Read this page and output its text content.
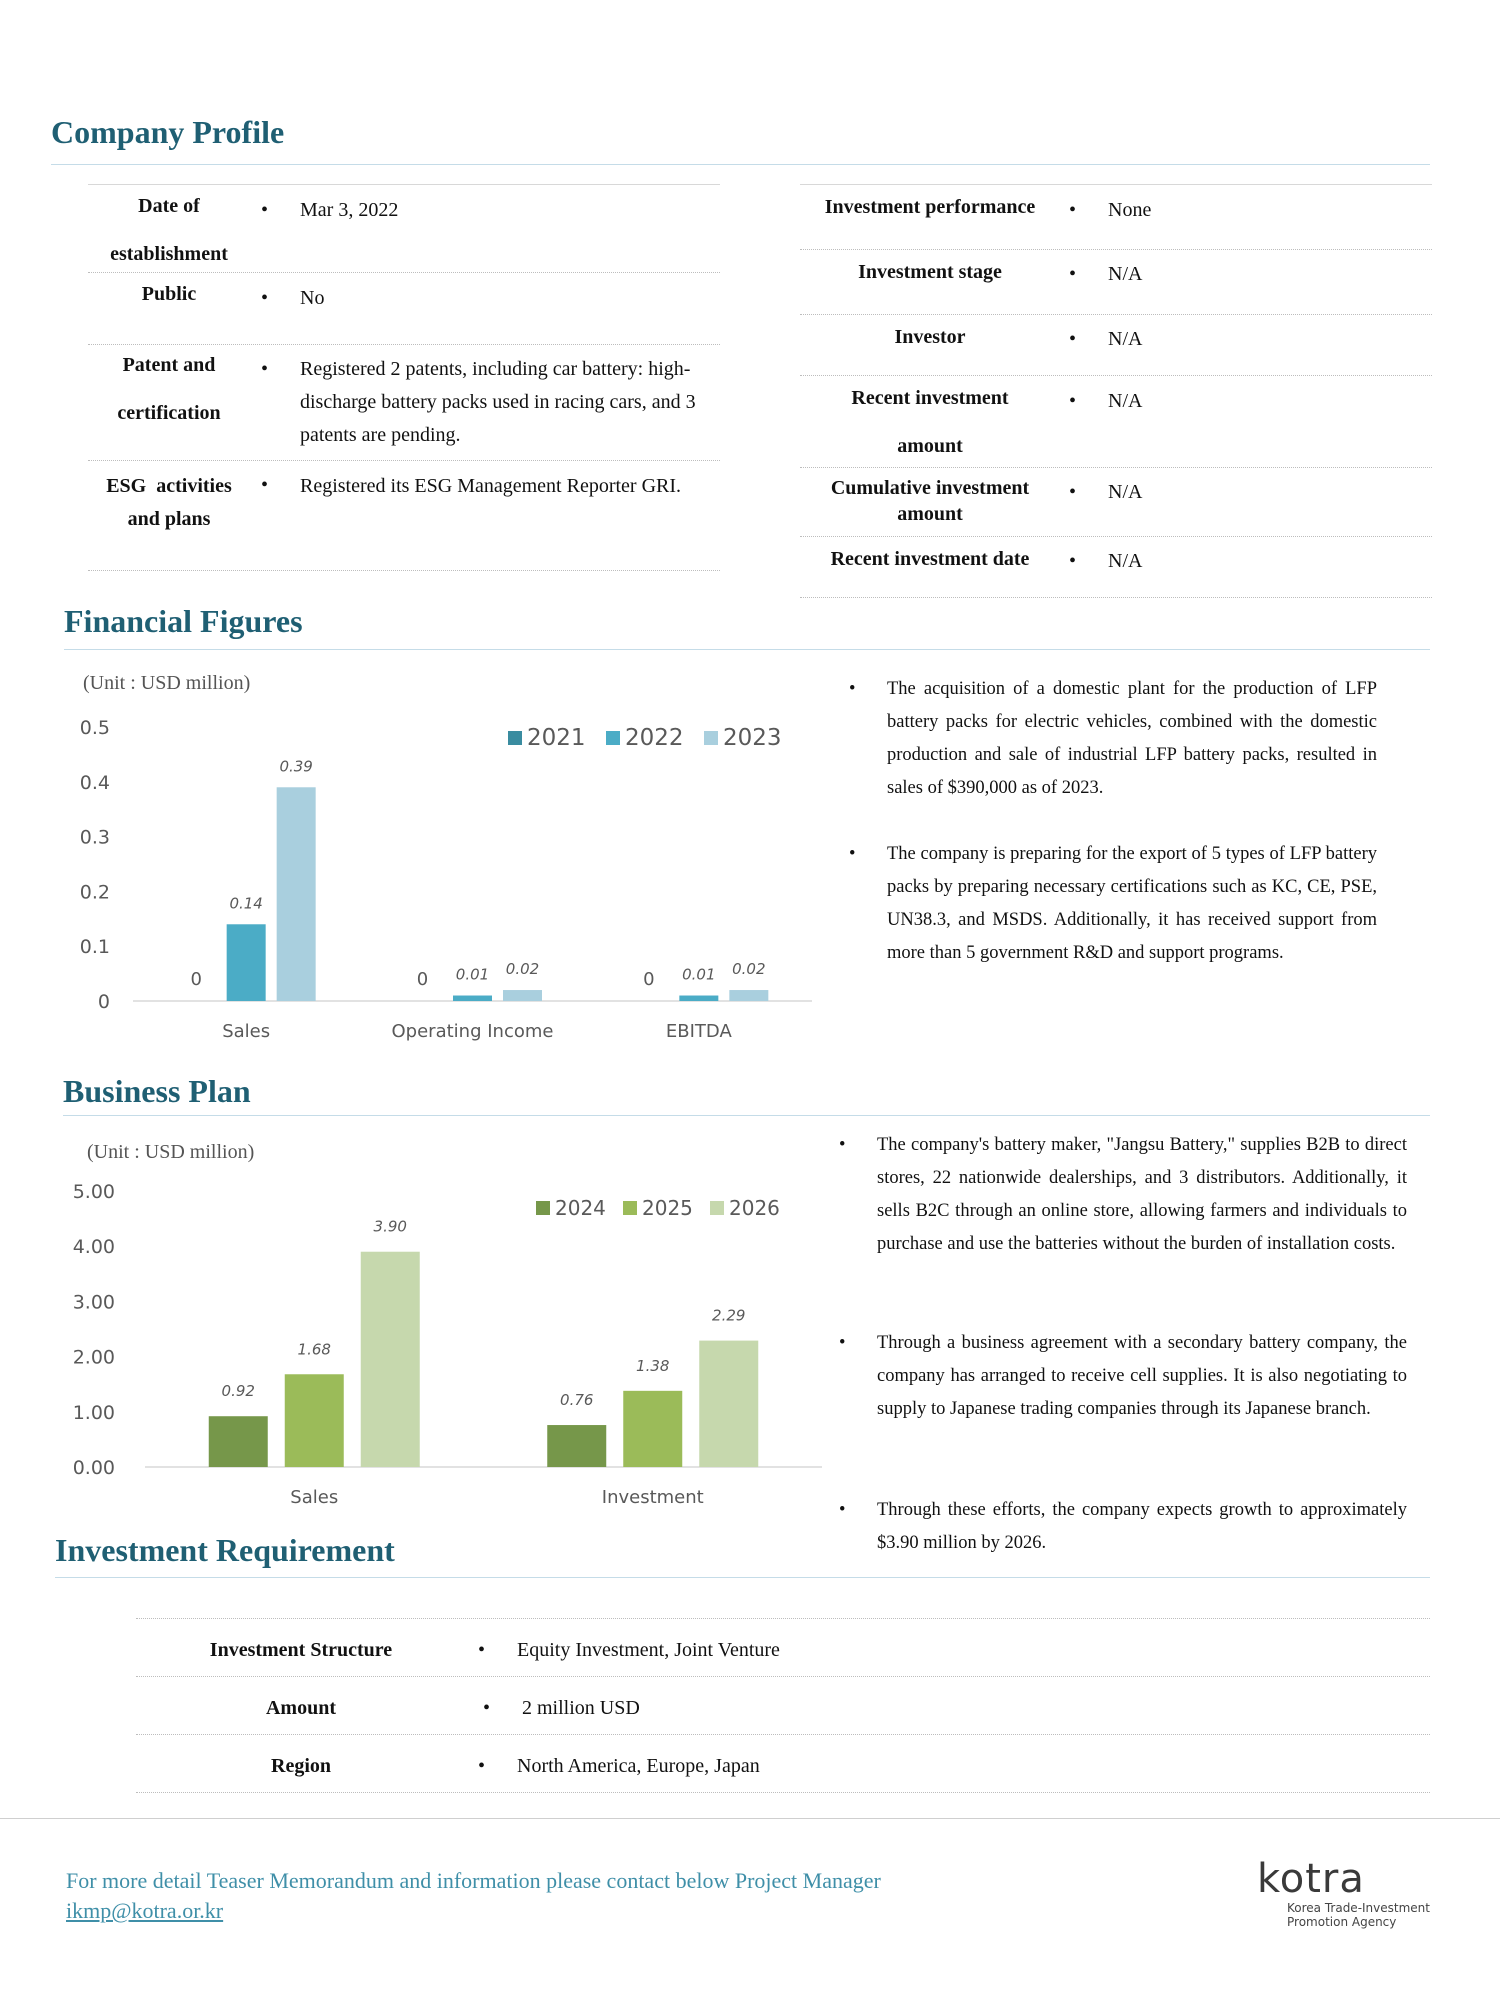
Company Profile
Date of
establishment
• Mar 3, 2022
Public	• No
Patent and
certification
• Registered 2 patents, including car battery: high-discharge battery packs used in racing cars, and 3 patents are pending.
ESG  activities
and plans
• Registered its ESG Management Reporter GRI.
Investment performance	• None
Investment stage	• N/A
Investor	• N/A
Recent investment
amount
• N/A
Cumulative investment
amount
• N/A
Recent investment date	• N/A
Financial Figures
(Unit : USD million)
0
0.1
0.2
0.3
0.4
0.5
0
0.14
0.39
Sales
0 0.01 0.02
Operating Income
0 0.01 0.02
EBITDA
2021 2022 2023
• The acquisition of a domestic plant for the production of LFP battery packs for electric vehicles, combined with the domestic production and sale of industrial LFP battery packs, resulted in sales of $390,000 as of 2023.
• The company is preparing for the export of 5 types of LFP battery packs by preparing necessary certifications such as KC, CE, PSE, UN38.3, and MSDS. Additionally, it has received support from more than 5 government R&D and support programs.
Business Plan
(Unit : USD million)
0.00
1.00
2.00
3.00
4.00
5.00
0.92
1.68
3.90
Sales
0.76
1.38
2.29
Investment
2024 2025 2026
• The company's battery maker, "Jangsu Battery," supplies B2B to direct stores, 22 nationwide dealerships, and 3 distributors. Additionally, it sells B2C through an online store, allowing farmers and individuals to purchase and use the batteries without the burden of installation costs.
• Through a business agreement with a secondary battery company, the company has arranged to receive cell supplies. It is also negotiating to supply to Japanese trading companies through its Japanese branch.
• Through these efforts, the company expects growth to approximately $3.90 million by 2026.
Investment Requirement
Investment Structure	• Equity Investment, Joint Venture
Amount	• 2 million USD
Region	• North America, Europe, Japan
For more detail Teaser Memorandum and information please contact below Project Manager
ikmp@kotra.or.kr
kotra
Korea Trade-Investment
Promotion Agency
